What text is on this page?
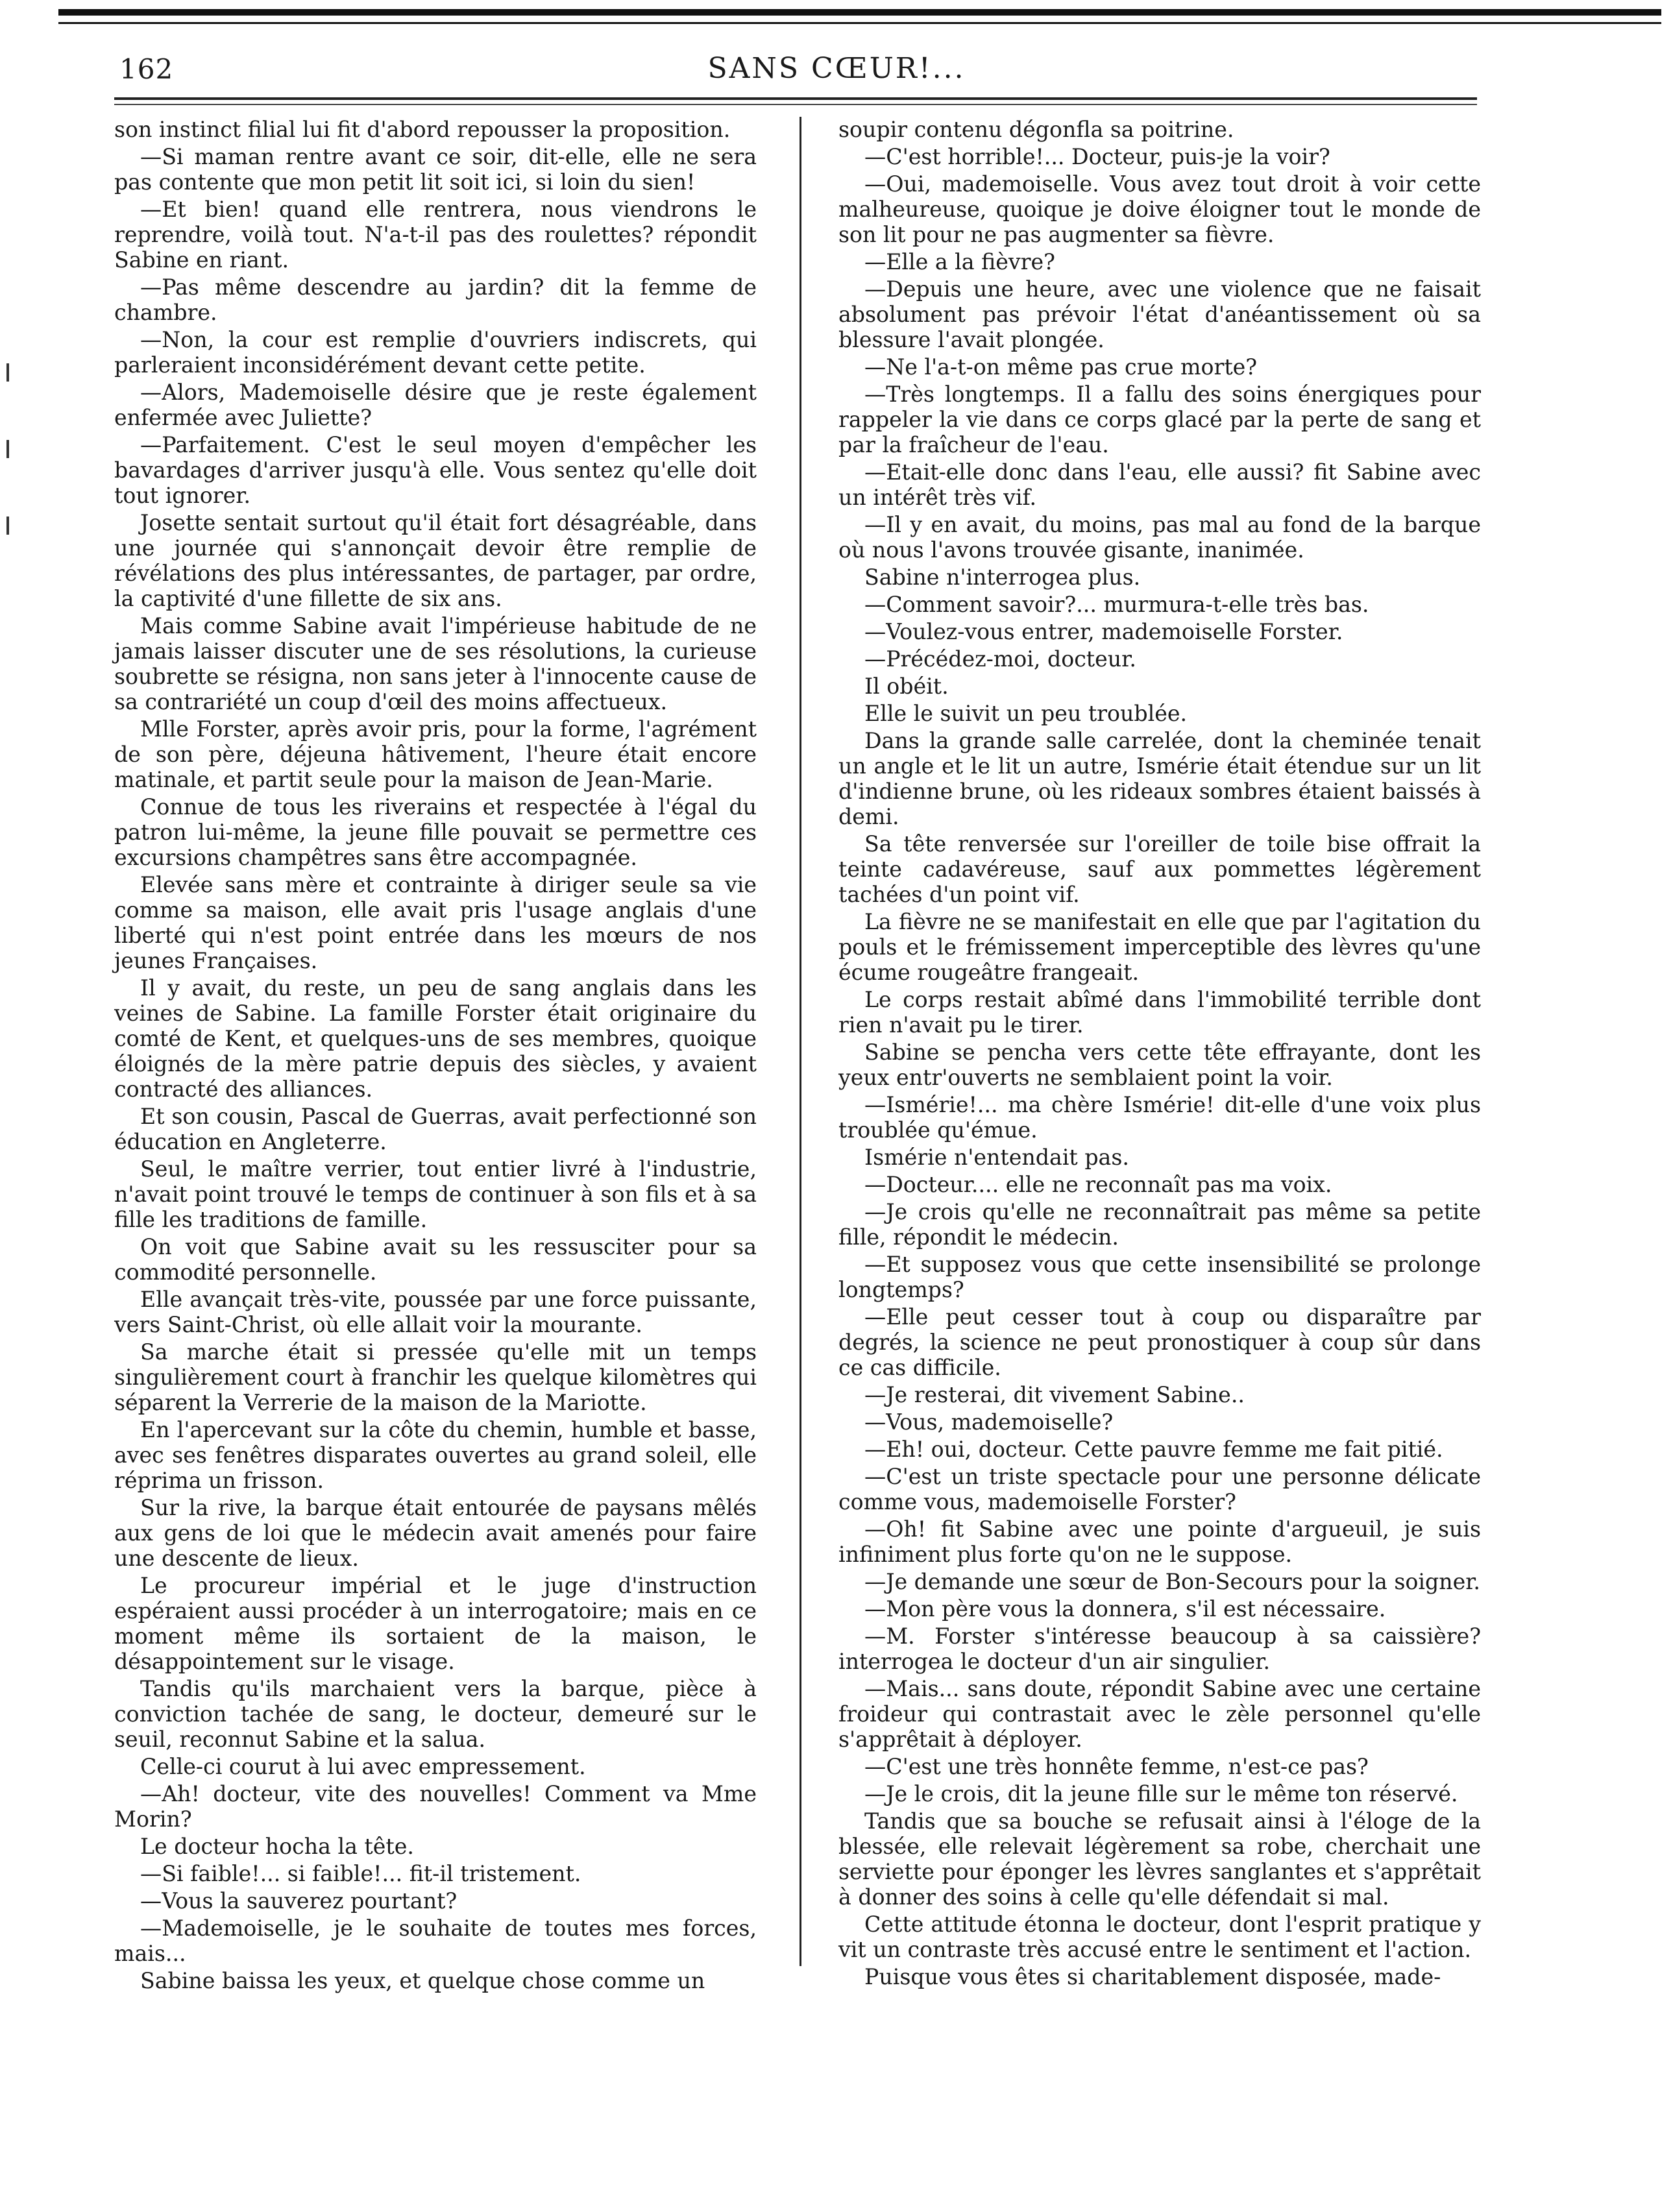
162	SANS CŒUR!...

son instinct filial lui fit d'abord repousser la proposition.

—Si maman rentre avant ce soir, dit-elle, elle ne sera pas contente que mon petit lit soit ici, si loin du sien!

—Et bien! quand elle rentrera, nous viendrons le reprendre, voilà tout. N'a-t-il pas des roulettes? répondit Sabine en riant.

—Pas même descendre au jardin? dit la femme de chambre.

—Non, la cour est remplie d'ouvriers indiscrets, qui parleraient inconsidérément devant cette petite.

—Alors, Mademoiselle désire que je reste également enfermée avec Juliette?

—Parfaitement. C'est le seul moyen d'empêcher les bavardages d'arriver jusqu'à elle. Vous sentez qu'elle doit tout ignorer.

Josette sentait surtout qu'il était fort désagréable, dans une journée qui s'annonçait devoir être remplie de révélations des plus intéressantes, de partager, par ordre, la captivité d'une fillette de six ans.

Mais comme Sabine avait l'impérieuse habitude de ne jamais laisser discuter une de ses résolutions, la curieuse soubrette se résigna, non sans jeter à l'innocente cause de sa contrariété un coup d'œil des moins affectueux.

Mlle Forster, après avoir pris, pour la forme, l'agrément de son père, déjeuna hâtivement, l'heure était encore matinale, et partit seule pour la maison de Jean-Marie.

Connue de tous les riverains et respectée à l'égal du patron lui-même, la jeune fille pouvait se permettre ces excursions champêtres sans être accompagnée.

Elevée sans mère et contrainte à diriger seule sa vie comme sa maison, elle avait pris l'usage anglais d'une liberté qui n'est point entrée dans les mœurs de nos jeunes Françaises.

Il y avait, du reste, un peu de sang anglais dans les veines de Sabine. La famille Forster était originaire du comté de Kent, et quelques-uns de ses membres, quoique éloignés de la mère patrie depuis des siècles, y avaient contracté des alliances.

Et son cousin, Pascal de Guerras, avait perfectionné son éducation en Angleterre.

Seul, le maître verrier, tout entier livré à l'industrie, n'avait point trouvé le temps de continuer à son fils et à sa fille les traditions de famille.

On voit que Sabine avait su les ressusciter pour sa commodité personnelle.

Elle avançait très-vite, poussée par une force puissante, vers Saint-Christ, où elle allait voir la mourante.

Sa marche était si pressée qu'elle mit un temps singulièrement court à franchir les quelque kilomètres qui séparent la Verrerie de la maison de la Mariotte.

En l'apercevant sur la côte du chemin, humble et basse, avec ses fenêtres disparates ouvertes au grand soleil, elle réprima un frisson.

Sur la rive, la barque était entourée de paysans mêlés aux gens de loi que le médecin avait amenés pour faire une descente de lieux.

Le procureur impérial et le juge d'instruction espéraient aussi procéder à un interrogatoire; mais en ce moment même ils sortaient de la maison, le désappointement sur le visage.

Tandis qu'ils marchaient vers la barque, pièce à conviction tachée de sang, le docteur, demeuré sur le seuil, reconnut Sabine et la salua.

Celle-ci courut à lui avec empressement.

—Ah! docteur, vite des nouvelles! Comment va Mme Morin?

Le docteur hocha la tête.

—Si faible!... si faible!... fit-il tristement.

—Vous la sauverez pourtant?

—Mademoiselle, je le souhaite de toutes mes forces, mais...

Sabine baissa les yeux, et quelque chose comme un

soupir contenu dégonfla sa poitrine.

—C'est horrible!... Docteur, puis-je la voir?

—Oui, mademoiselle. Vous avez tout droit à voir cette malheureuse, quoique je doive éloigner tout le monde de son lit pour ne pas augmenter sa fièvre.

—Elle a la fièvre?

—Depuis une heure, avec une violence que ne faisait absolument pas prévoir l'état d'anéantissement où sa blessure l'avait plongée.

—Ne l'a-t-on même pas crue morte?

—Très longtemps. Il a fallu des soins énergiques pour rappeler la vie dans ce corps glacé par la perte de sang et par la fraîcheur de l'eau.

—Etait-elle donc dans l'eau, elle aussi? fit Sabine avec un intérêt très vif.

—Il y en avait, du moins, pas mal au fond de la barque où nous l'avons trouvée gisante, inanimée.

Sabine n'interrogea plus.

—Comment savoir?... murmura-t-elle très bas.

—Voulez-vous entrer, mademoiselle Forster.

—Précédez-moi, docteur.

Il obéit.

Elle le suivit un peu troublée.

Dans la grande salle carrelée, dont la cheminée tenait un angle et le lit un autre, Ismérie était étendue sur un lit d'indienne brune, où les rideaux sombres étaient baissés à demi.

Sa tête renversée sur l'oreiller de toile bise offrait la teinte cadavéreuse, sauf aux pommettes légèrement tachées d'un point vif.

La fièvre ne se manifestait en elle que par l'agitation du pouls et le frémissement imperceptible des lèvres qu'une écume rougeâtre frangeait.

Le corps restait abîmé dans l'immobilité terrible dont rien n'avait pu le tirer.

Sabine se pencha vers cette tête effrayante, dont les yeux entr'ouverts ne semblaient point la voir.

—Ismérie!... ma chère Ismérie! dit-elle d'une voix plus troublée qu'émue.

Ismérie n'entendait pas.

—Docteur.... elle ne reconnaît pas ma voix.

—Je crois qu'elle ne reconnaîtrait pas même sa petite fille, répondit le médecin.

—Et supposez vous que cette insensibilité se prolonge longtemps?

—Elle peut cesser tout à coup ou disparaître par degrés, la science ne peut pronostiquer à coup sûr dans ce cas difficile.

—Je resterai, dit vivement Sabine..

—Vous, mademoiselle?

—Eh! oui, docteur. Cette pauvre femme me fait pitié.

—C'est un triste spectacle pour une personne délicate comme vous, mademoiselle Forster?

—Oh! fit Sabine avec une pointe d'argueuil, je suis infiniment plus forte qu'on ne le suppose.

—Je demande une sœur de Bon-Secours pour la soigner.

—Mon père vous la donnera, s'il est nécessaire.

—M. Forster s'intéresse beaucoup à sa caissière? interrogea le docteur d'un air singulier.

—Mais... sans doute, répondit Sabine avec une certaine froideur qui contrastait avec le zèle personnel qu'elle s'apprêtait à déployer.

—C'est une très honnête femme, n'est-ce pas?

—Je le crois, dit la jeune fille sur le même ton réservé.

Tandis que sa bouche se refusait ainsi à l'éloge de la blessée, elle relevait légèrement sa robe, cherchait une serviette pour éponger les lèvres sanglantes et s'apprêtait à donner des soins à celle qu'elle défendait si mal.

Cette attitude étonna le docteur, dont l'esprit pratique y vit un contraste très accusé entre le sentiment et l'action.

Puisque vous êtes si charitablement disposée, made-
